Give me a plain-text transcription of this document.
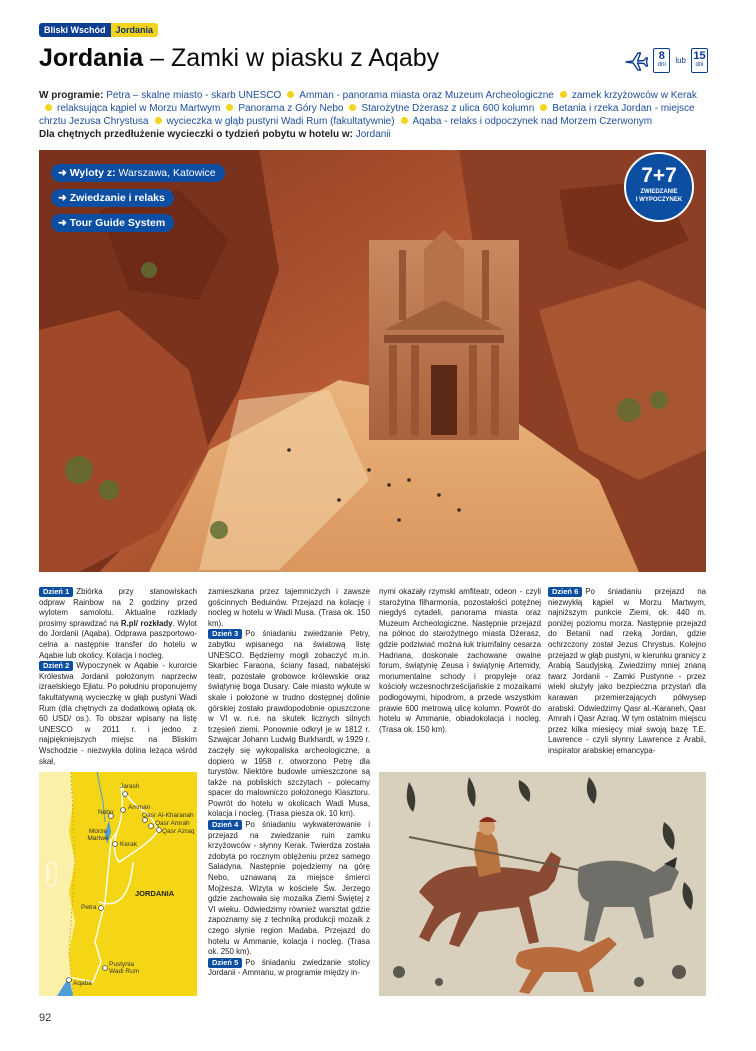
Bliski Wschód	Jordania
Jordania – Zamki w piasku z Aqaby	8
dni	lub 15
dni
W programie: Petra – skalne miasto - skarb UNESCO Amman - panorama miasta oraz Muzeum Archeologiczne zamek krzyżowców w Kerak
relaksująca kąpiel w Morzu Martwym Panorama z Góry Nebo Starożytne Dżerasz z ulica 600 kolumn Betania i rzeka Jordan - miejsce chrztu Jezusa Chrystusa wycieczka w głąb pustyni Wadi Rum (fakultatywnie) Aqaba - relaks i odpoczynek nad Morzem Czerwonym
Dla chętnych przedłużenie wycieczki o tydzień pobytu w hotelu w: Jordanii
➜ Wyloty z: Warszawa, Katowice
➜ Zwiedzanie i relaks
➜ Tour Guide System
7+7
ZWIEDZANIE
I WYPOCZYNEK

Dzień 1 Zbiórka przy stanowiskach odpraw Rainbow na 2 godziny przed wylotem samolotu. Aktualne rozkłady prosimy sprawdzać na R.pl/ rozkłady. Wylot do Jordanii (Aqaba). Odprawa paszportowo-celna a następnie transfer do hotelu w Aqabie lub okolicy. Kolacja i nocleg.

Dzień 2 Wypoczynek w Aqabie - kurorcie Królestwa Jordanii położonym naprzeciw izraelskiego Ejlatu. Po południu proponujemy fakultatywną wycieczkę w głąb pustyni Wadi Rum (dla chętnych za dodatkową opłatą ok. 60 USD/ os.). To obszar wpisany na listę UNESCO w 2011 r. i jedno z najpiękniejszych miejsc na Bliskim Wschodzie - niezwykła dolina leżąca wśród skał,

zamieszkana przez tajemniczych i zawsze gościnnych Beduinów. Przejazd na kolację i nocleg w hotelu w Wadi Musa. (Trasa ok. 150 km).

Dzień 3 Po śniadaniu zwiedzanie Petry, zabytku wpisanego na światową listę UNESCO. Będziemy mogli zobaczyć m.in. Skarbiec Faraona, ściany fasad, nabatejski teatr, pozostałe grobowce królewskie oraz świątynię boga Dusary. Całe miasto wykute w skale i położone w trudno dostępnej dolinie górskiej zostało prawdopodobnie opuszczone w VI w. n.e. na skutek licznych silnych trzęsień ziemi. Ponownie odkrył je w 1812 r. Szwajcar Johann Ludwig Burkhardt, w 1929 r. zaczęły się wykopaliska archeologiczne, a dopiero w 1958 r. otworzono Petrę dla turystów. Niektóre budowle umieszczone są także na pobliskich szczytach - polecamy spacer do malowniczo położonego Klasztoru. Powrót do hotelu w okolicach Wadi Musa, kolacja i nocleg. (Trasa piesza ok. 10 km).

Dzień 4 Po śniadaniu wykwaterowanie i przejazd na zwiedzanie ruin zamku krzyżowców - słynny Kerak. Twierdza została zdobyta po rocznym oblężeniu przez samego Saladyna. Następnie pojedziemy na górę Nebo, uznawaną za miejsce śmierci Mojżesza. Wizyta w kościele Św. Jerzego gdzie zachowała się mozaika Ziemi Świętej z VI wieku. Odwiedzimy również warsztat gdzie zapoznamy się z techniką produkcji mozaik z czego słynie region Madaba. Przejazd do hotelu w Ammanie, kolacja i nocleg. (Trasa ok. 250 km).

Dzień 5 Po śniadaniu zwiedzanie stolicy Jordanii - Ammanu, w programie między in-

nymi okazały rzymski amfiteatr, odeon - czyli starożytna filharmonia, pozostałości potężnej niegdyś cytadeli, panorama miasta oraz Muzeum Archeologiczne. Następnie przejazd na północ do starożytnego miasta Dżerasz, gdzie podziwiać można łuk triumfalny cesarza Hadriana, doskonale zachowane owalne forum, świątynię Zeusa i świątynię Artemidy, monumentalne schody i propyleje oraz kościoły wczesnochrześcijańskie z mozaikami podłogowymi, hipodrom, a przede wszystkim prawie 600 metrową ulicę kolumn. Powrót do hotelu w Ammanie, obiadokolacja i nocleg. (Trasa ok. 150 km).

Dzień 6 Po śniadaniu przejazd na niezwykłą kąpiel w Morzu Martwym, najniższym punkcie Ziemi, ok. 440 m. poniżej poziomu morza. Następnie przejazd do Betanii nad rzeką Jordan, gdzie ochrzczony został Jezus Chrystus. Kolejno przejazd w głąb pustyni, w kierunku granicy z Arabią Saudyjską. Zwiedzimy mniej znaną twarz Jordanii - Zamki Pustynne - przez wieki służyły jako bezpieczna przystań dla karawan przemierzających półwysep arabski. Odwiedzimy Qasr al.-Karaneh, Qasr Amrah i Qasr Azraq. W tym ostatnim miejscu przez kilka miesięcy miał swoją bazę T.E. Lawrence - czyli słynny Lawrence z Arabii, inspirator arabskiej emancypa-

Jarash
Amman
Nebo	Qasr Al-Kharanah
Qasr Amrah
Qasr Azraq
Morze Martwe
Kerak
JORDANIA
Izrael
Petra
Pustynia Wadi Rum
Aqaba
92
